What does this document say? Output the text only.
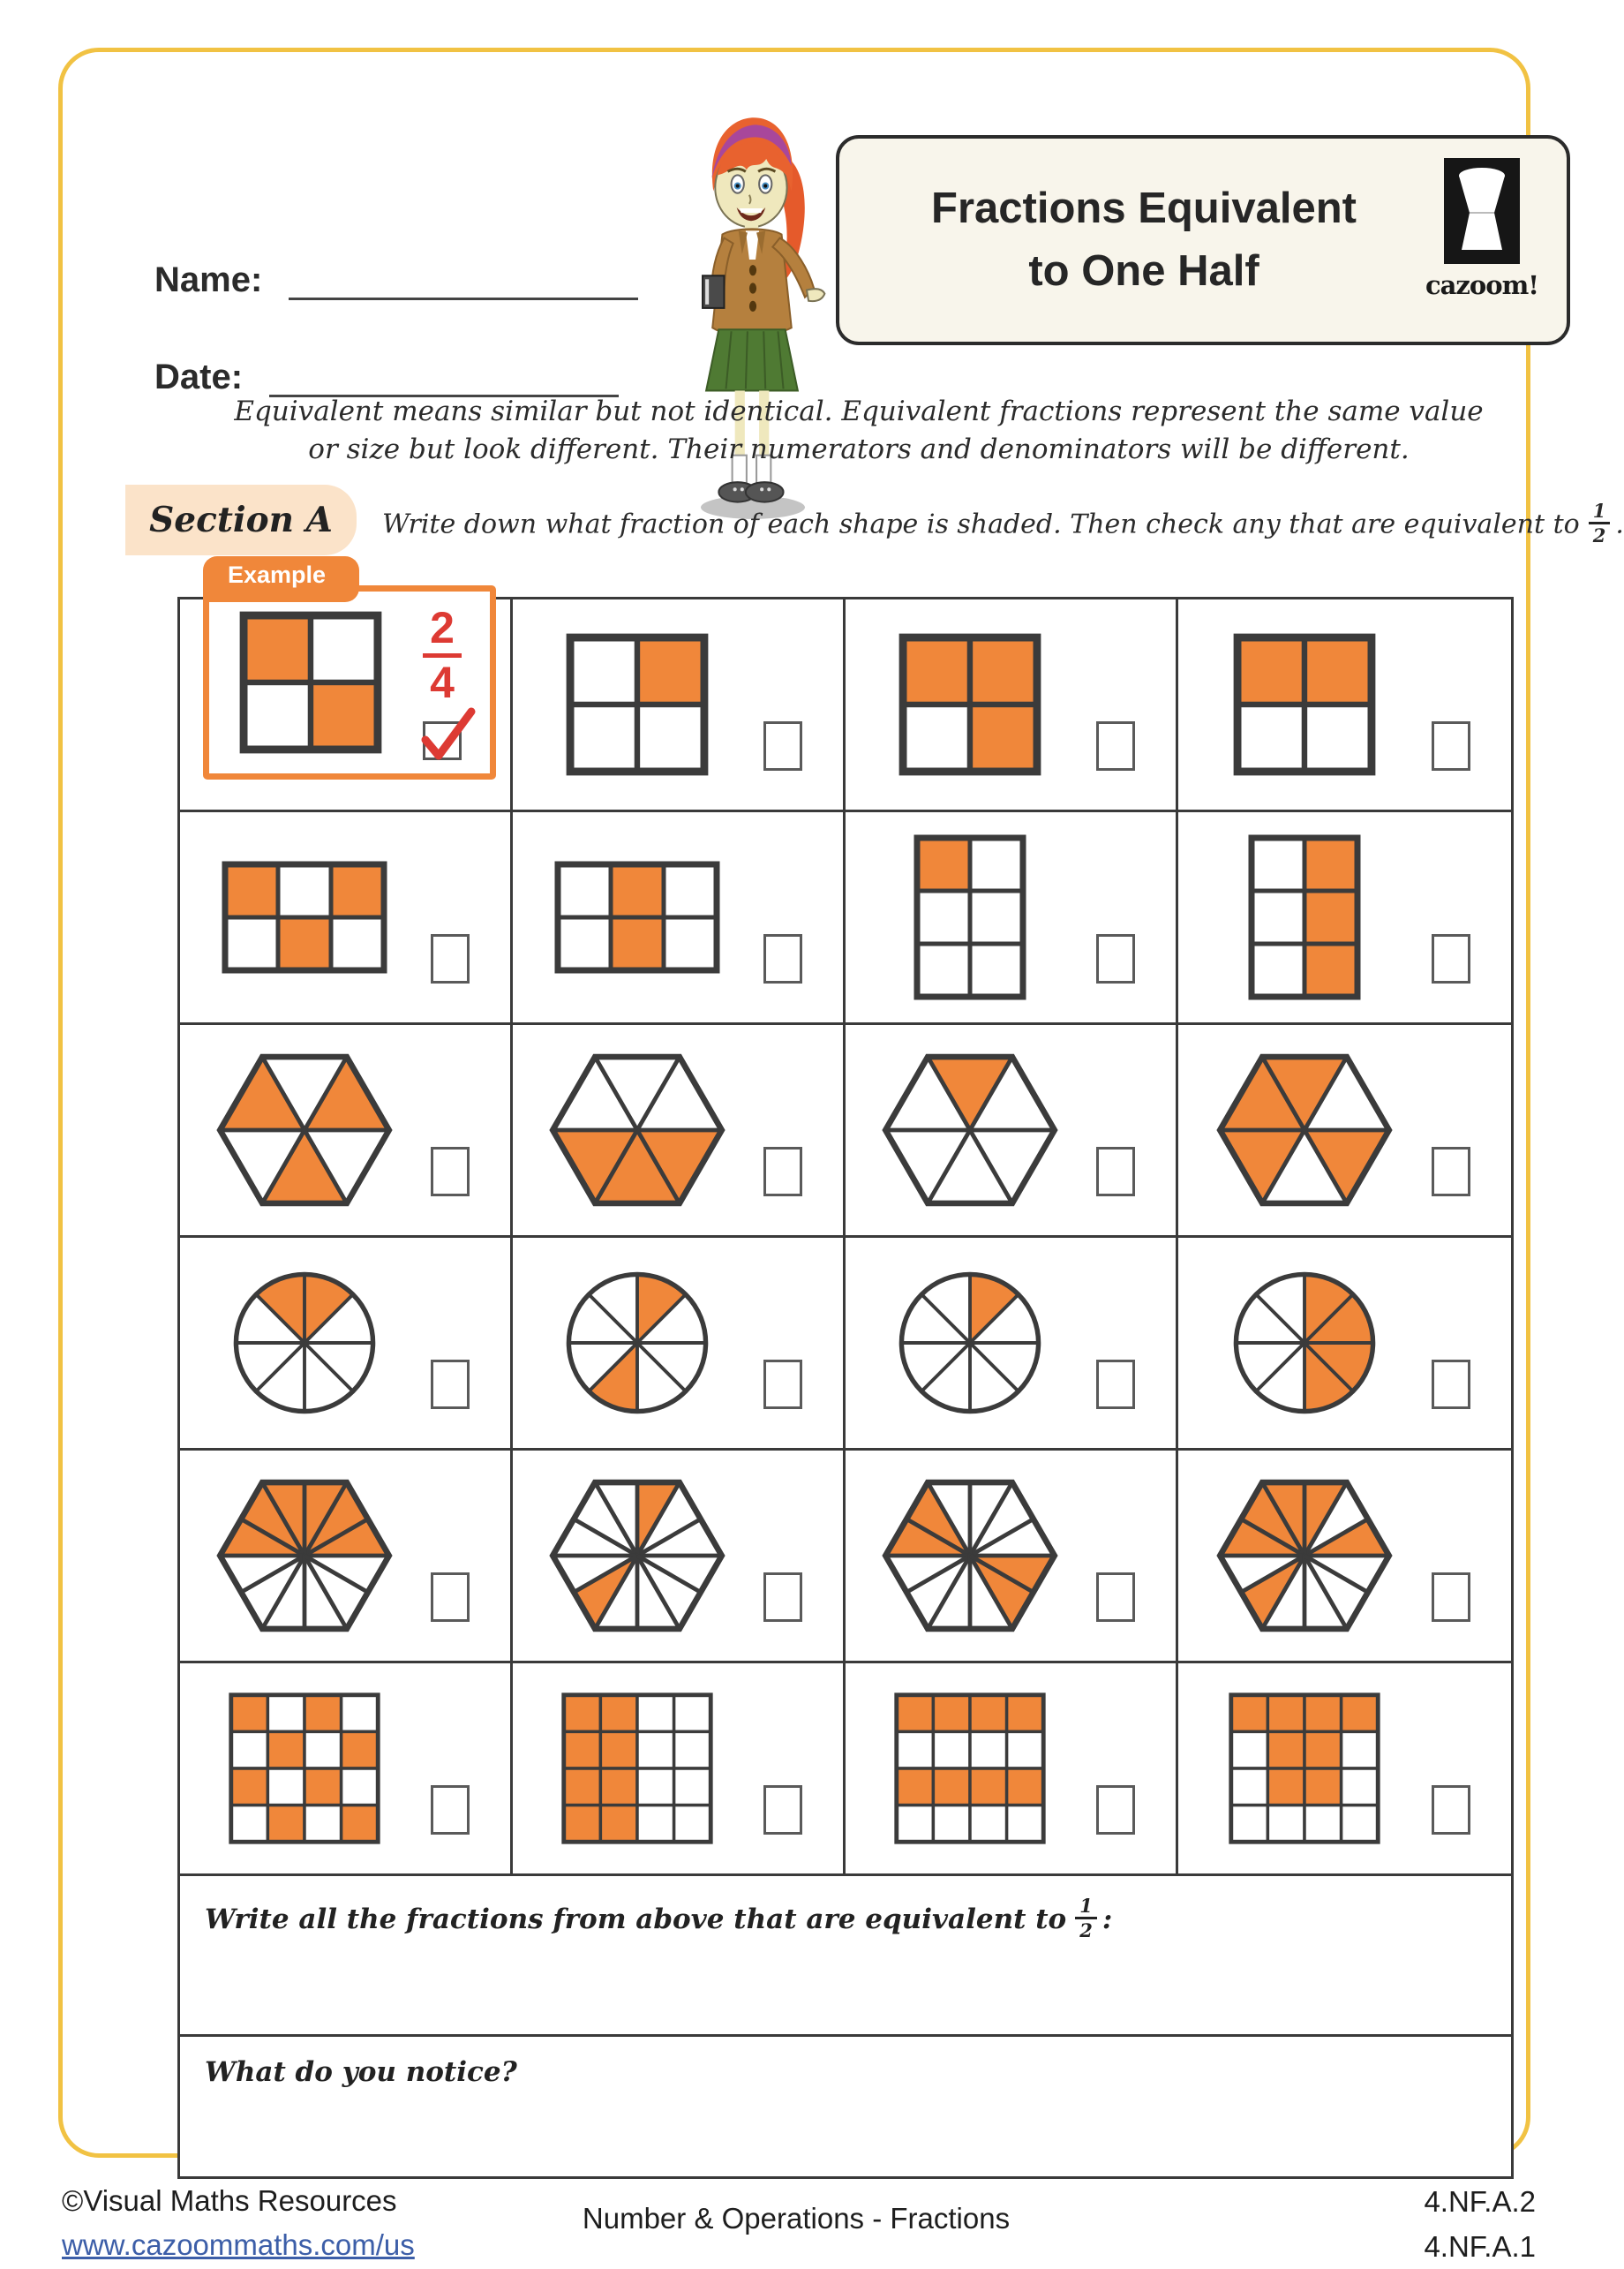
Name:
Date:
Fractions Equivalent
to One Half	cazoom!

Equivalent means similar but not identical. Equivalent fractions represent the same value or size but look different. Their numerators and denominators will be different.

Section A Write down what fraction of each shape is shaded. Then check any that are equivalent to $\frac{1}{2}$ .
Example
$\frac{2}{4}$
Write all the fractions from above that are equivalent to $\frac{1}{2}$ :
What do you notice?
©Visual Maths Resources
www.cazoommaths.com/us
Number & Operations - Fractions
4.NF.A.2
4.NF.A.1
